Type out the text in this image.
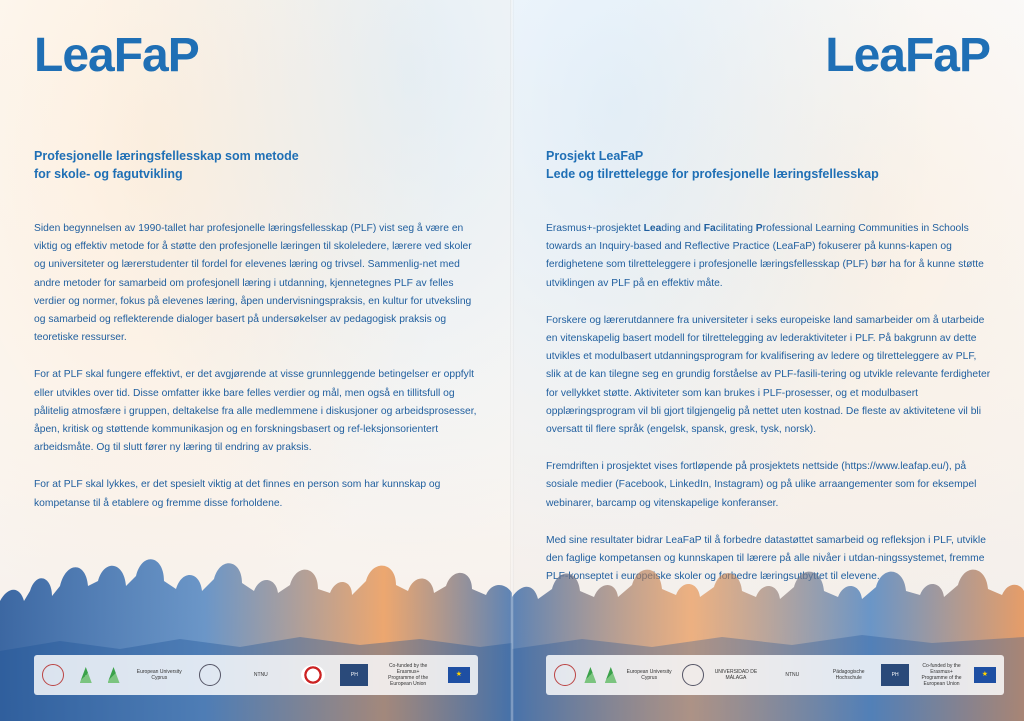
LeaFaP
Profesjonelle læringsfellesskap som metode
for skole- og fagutvikling

Siden begynnelsen av 1990-tallet har profesjonelle læringsfellesskap (PLF) vist seg å være en viktig og effektiv metode for å støtte den profesjonelle læringen til skoleledere, lærere ved skoler og universiteter og lærerstudenter til fordel for elevenes læring og trivsel. Sammenlig-net med andre metoder for samarbeid om profesjonell læring i utdanning, kjennetegnes PLF av felles verdier og normer, fokus på elevenes læring, åpen undervisningspraksis, en kultur for utveksling og samarbeid og reflekterende dialoger basert på undersøkelser av pedagogisk praksis og teoretiske ressurser.

For at PLF skal fungere effektivt, er det avgjørende at visse grunnleggende betingelser er oppfylt eller utvikles over tid. Disse omfatter ikke bare felles verdier og mål, men også en tillitsfull og pålitelig atmosfære i gruppen, deltakelse fra alle medlemmene i diskusjoner og arbeidsprosesser, åpen, kritisk og støttende kommunikasjon og en forskningsbasert og ref-leksjonsorientert arbeidsmåte. Og til slutt fører ny læring til endring av praksis.

For at PLF skal lykkes, er det spesielt viktig at det finnes en person som har kunnskap og kompetanse til å etablere og fremme disse forholdene.

European University Cyprus	NTNU	PH
Co-funded by the Erasmus+ Programme of the European Union
★
LeaFaP
Prosjekt LeaFaP
Lede og tilrettelegge for profesjonelle læringsfellesskap

Erasmus+-prosjektet Leading and Facilitating Professional Learning Communities in Schools towards an Inquiry-based and Reflective Practice (LeaFaP) fokuserer på kunns-kapen og ferdighetene som tilretteleggere i profesjonelle læringsfellesskap (PLF) bør ha for å kunne støtte utviklingen av PLF på en effektiv måte.

Forskere og lærerutdannere fra universiteter i seks europeiske land samarbeider om å utarbeide en vitenskapelig basert modell for tilrettelegging av lederaktiviteter i PLF. På bakgrunn av dette utvikles et modulbasert utdanningsprogram for kvalifisering av ledere og tilretteleggere av PLF, slik at de kan tilegne seg en grundig forståelse av PLF-fasili-tering og utvikle relevante ferdigheter for vellykket støtte. Aktiviteter som kan brukes i PLF-prosesser, og et modulbasert opplæringsprogram vil bli gjort tilgjengelig på nettet uten kostnad. De fleste av aktivitetene vil bli oversatt til flere språk (engelsk, spansk, gresk, tysk, norsk).

Fremdriften i prosjektet vises fortløpende på prosjektets nettside (https://www.leafap.eu/), på sosiale medier (Facebook, LinkedIn, Instagram) og på ulike arraangementer som for eksempel webinarer, barcamp og vitenskapelige konferanser.

Med sine resultater bidrar LeaFaP til å forbedre datastøttet samarbeid og refleksjon i PLF, utvikle den faglige kompetansen og kunnskapen til lærere på alle nivåer i utdan-ningssystemet, fremme PLF-konseptet i europeiske skoler og forbedre læringsutbyttet til elevene.

European University Cyprus
UNIVERSIDAD DE MÁLAGA	NTNU	Pädagogische Hochschule	PH
Co-funded by the Erasmus+ Programme of the European Union
★
